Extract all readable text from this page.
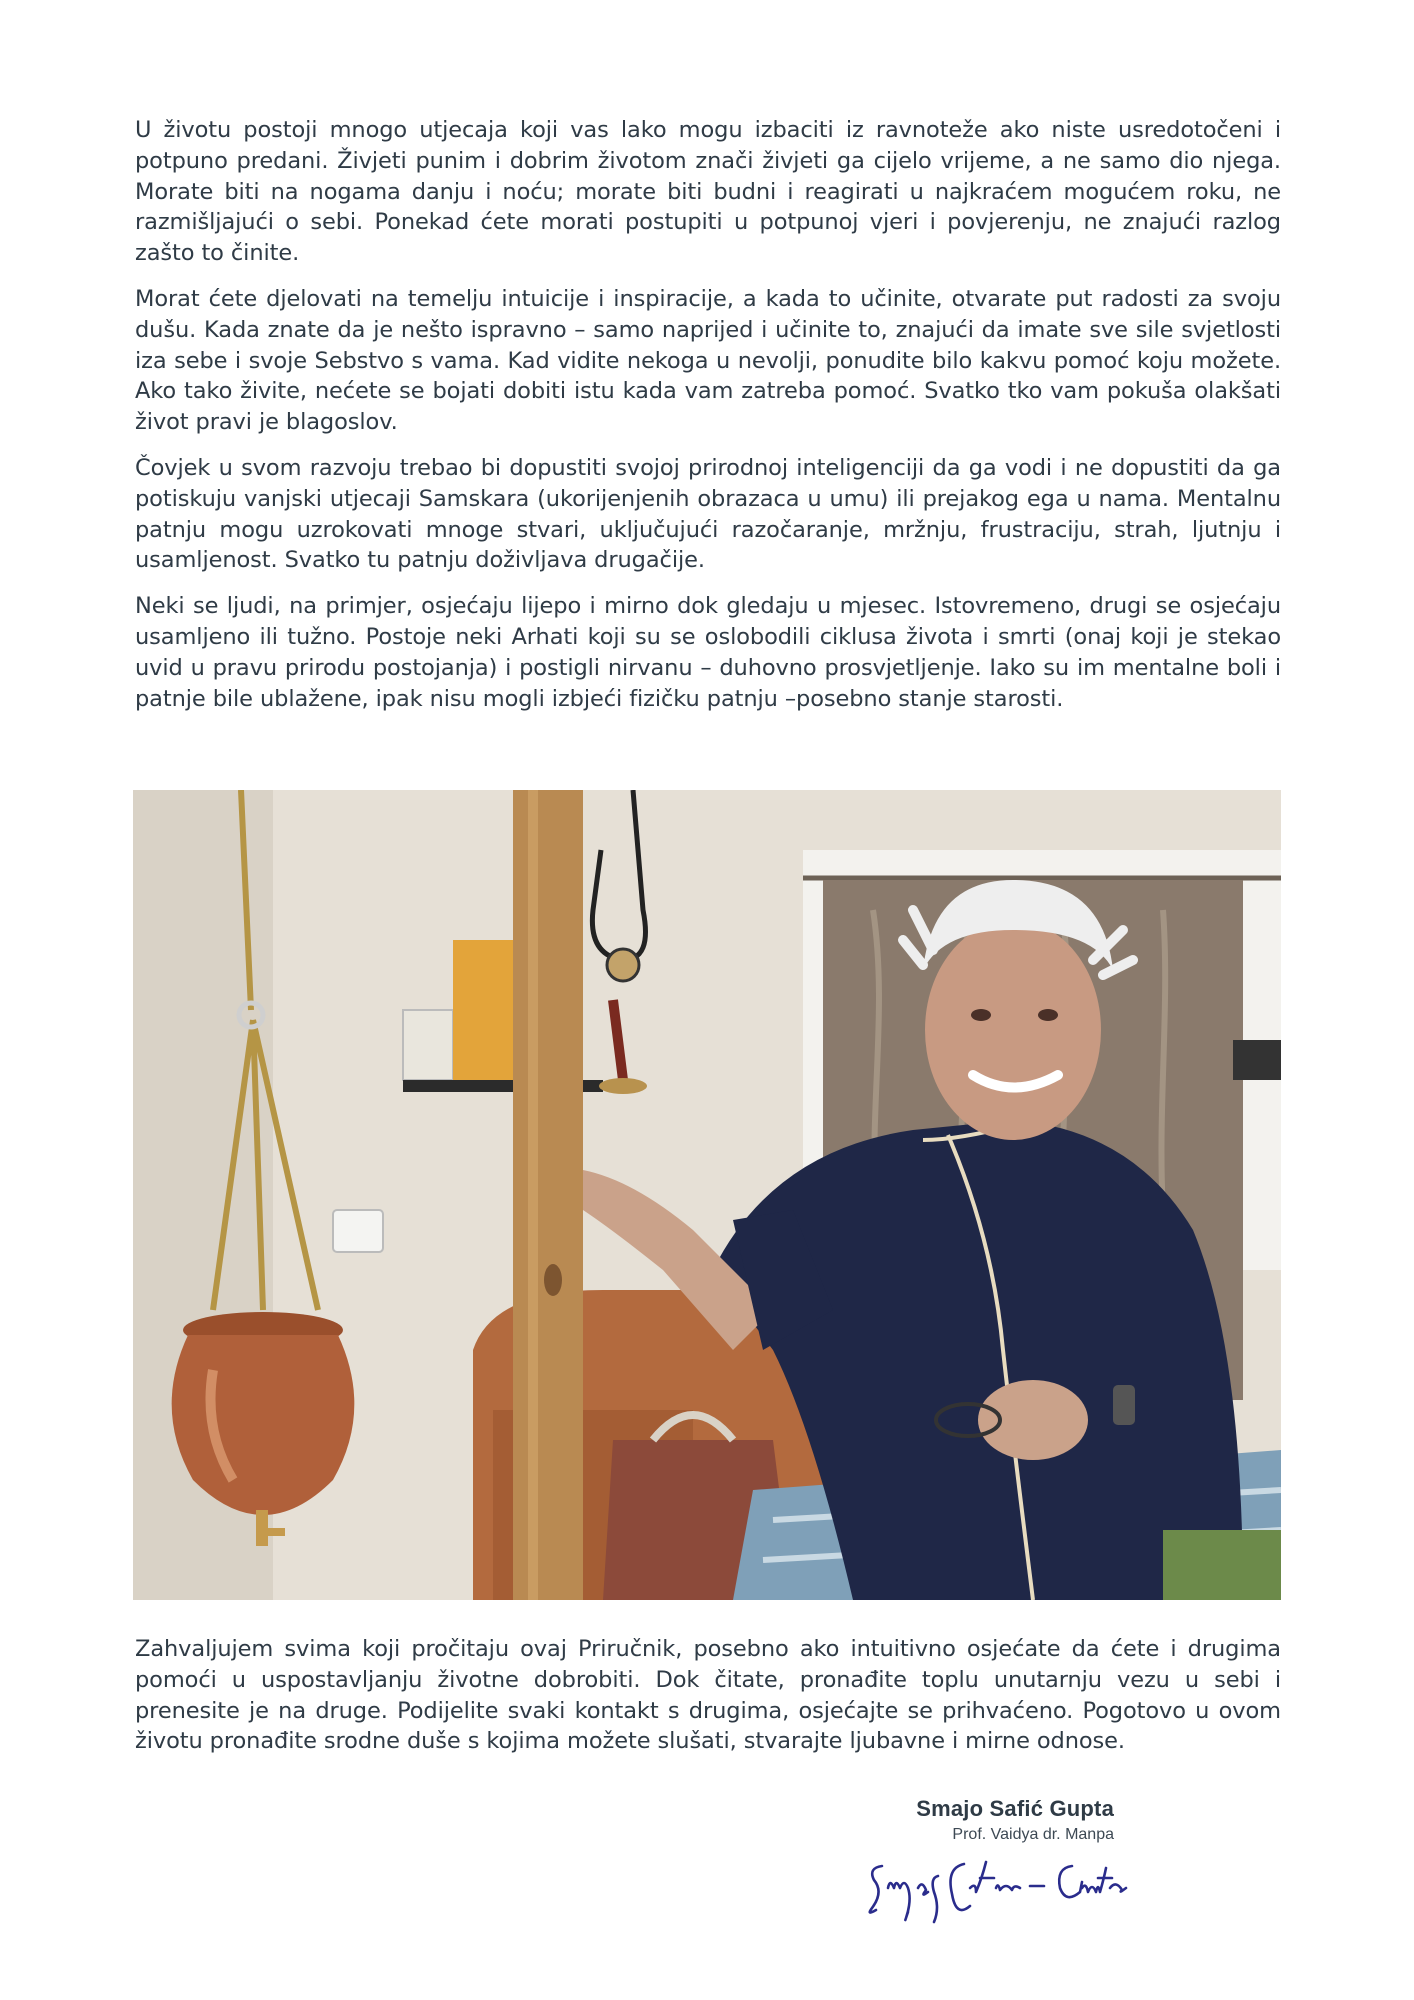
U životu postoji mnogo utjecaja koji vas lako mogu izbaciti iz ravnoteže ako niste usredotočeni i potpuno predani. Živjeti punim i dobrim životom znači živjeti ga cijelo vrijeme, a ne samo dio njega. Morate biti na nogama danju i noću; morate biti budni i reagirati u najkraćem mogućem roku, ne razmišljajući o sebi. Ponekad ćete morati postupiti u potpunoj vjeri i povjerenju, ne znajući razlog zašto to činite.

Morat ćete djelovati na temelju intuicije i inspiracije, a kada to učinite, otvarate put radosti za svoju dušu. Kada znate da je nešto ispravno – samo naprijed i učinite to, znajući da imate sve sile svjetlosti iza sebe i svoje Sebstvo s vama. Kad vidite nekoga u nevolji, ponudite bilo kakvu pomoć koju možete. Ako tako živite, nećete se bojati dobiti istu kada vam zatreba pomoć. Svatko tko vam pokuša olakšati život pravi je blagoslov.

Čovjek u svom razvoju trebao bi dopustiti svojoj prirodnoj inteligenciji da ga vodi i ne dopustiti da ga potiskuju vanjski utjecaji Samskara (ukorijenjenih obrazaca u umu) ili prejakog ega u nama. Mentalnu patnju mogu uzrokovati mnoge stvari, uključujući razočaranje, mržnju, frustraciju, strah, ljutnju i usamljenost. Svatko tu patnju doživljava drugačije.

Neki se ljudi, na primjer, osjećaju lijepo i mirno dok gledaju u mjesec. Istovremeno, drugi se osjećaju usamljeno ili tužno. Postoje neki Arhati koji su se oslobodili ciklusa života i smrti (onaj koji je stekao uvid u pravu prirodu postojanja) i postigli nirvanu – duhovno prosvjetljenje. Iako su im mentalne boli i patnje bile ublažene, ipak nisu mogli izbjeći fizičku patnju –posebno stanje starosti.

Zahvaljujem svima koji pročitaju ovaj Priručnik, posebno ako intuitivno osjećate da ćete i drugima pomoći u uspostavljanju životne dobrobiti. Dok čitate, pronađite toplu unutarnju vezu u sebi i prenesite je na druge. Podijelite svaki kontakt s drugima, osjećajte se prihvaćeno. Pogotovo u ovom životu pronađite srodne duše s kojima možete slušati, stvarajte ljubavne i mirne odnose.

Smajo Safić Gupta
Prof. Vaidya dr. Manpa
